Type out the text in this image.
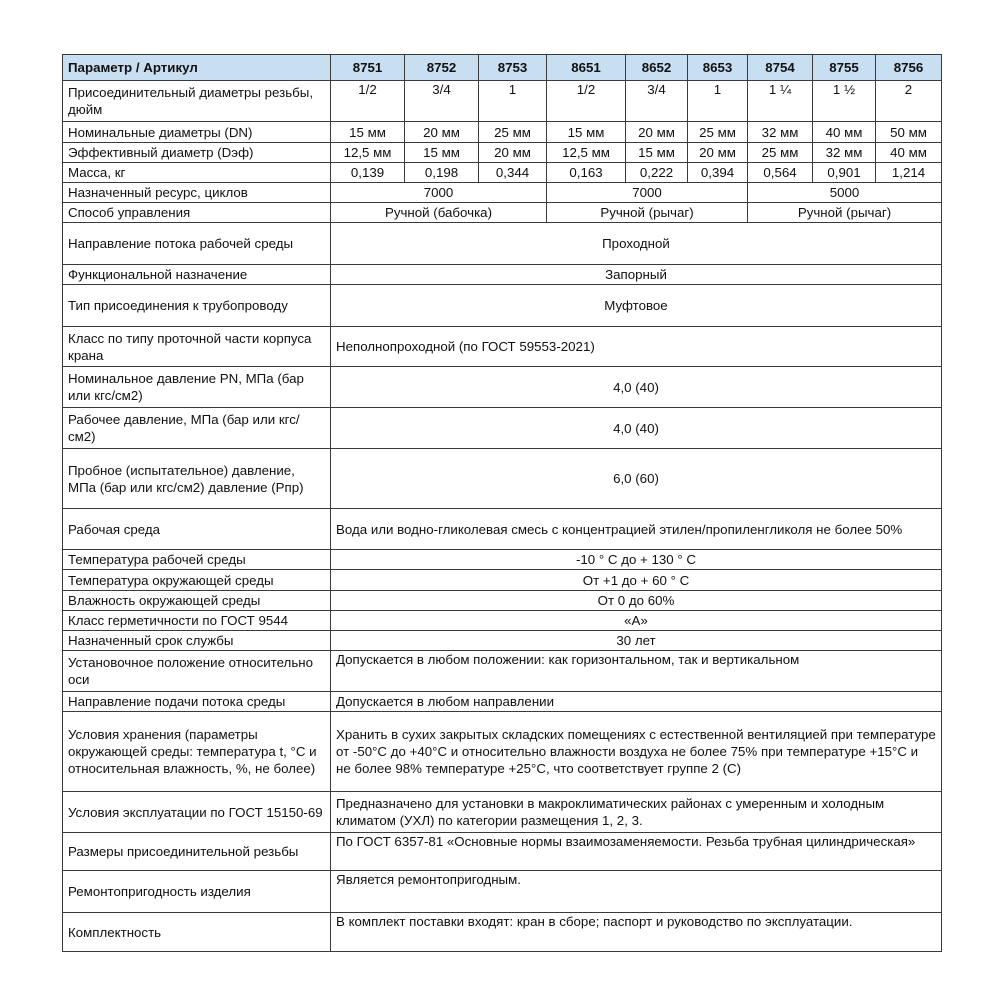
Параметр / Артикул	8751	8752	8753	8651	8652	8653	8754	8755	8756
Присоединительный диаметры резьбы, дюйм	1/2	3/4	1	1/2	3/4	1	1 ¼	1 ½	2
Номинальные диаметры (DN)	15 мм	20 мм	25 мм	15 мм	20 мм	25 мм	32 мм	40 мм	50 мм
Эффективный диаметр (Dэф)	12,5 мм	15 мм	20 мм	12,5 мм	15 мм	20 мм	25 мм	32 мм	40 мм
Масса, кг	0,139	0,198	0,344	0,163	0,222	0,394	0,564	0,901	1,214
Назначенный ресурс, циклов	7000			7000			5000		
Способ управления	Ручной (бабочка)			Ручной (рычаг)			Ручной (рычаг)		
Направление потока рабочей среды	Проходной								
Функциональной назначение	Запорный								
Тип присоединения к трубопроводу	Муфтовое								
Класс по типу проточной части корпуса крана	Неполнопроходной (по ГОСТ 59553-2021)								
Номинальное давление PN, МПа (бар или кгс/см2)	4,0 (40)								
Рабочее давление, МПа (бар или кгс/см2)	4,0 (40)								
Пробное (испытательное) давление, МПа (бар или кгс/см2) давление (Pпр)	6,0 (60)								
Рабочая среда	Вода или водно-гликолевая смесь с концентрацией этилен/пропиленгликоля не более 50%								
Температура рабочей среды	-10 ° С до + 130 ° С								
Температура окружающей среды	От +1 до + 60 ° С								
Влажность окружающей среды	От 0 до 60%								
Класс герметичности по ГОСТ 9544	«А»								
Назначенный срок службы	30 лет								
Установочное положение относительно оси	Допускается в любом положении: как горизонтальном, так и вертикальном								
Направление подачи потока среды	Допускается в любом направлении								
Условия хранения (параметры окружающей среды: температура t, °С и относительная влажность, %, не более)	Хранить в сухих закрытых складских помещениях с естественной вентиляцией при температуре от -50°С до +40°С и относительно влажности воздуха не более 75% при температуре +15°С и не более 98% температуре +25°С, что соответствует группе 2 (С)								
Условия эксплуатации по ГОСТ 15150-69	Предназначено для установки в макроклиматических районах с умеренным и холодным климатом (УХЛ) по категории размещения 1, 2, 3.								
Размеры присоединительной резьбы	По ГОСТ 6357-81 «Основные нормы взаимозаменяемости. Резьба трубная цилиндрическая»								
Ремонтопригодность изделия	Является ремонтопригодным.								
Комплектность	В комплект поставки входят: кран в сборе; паспорт и руководство по эксплуатации.								
